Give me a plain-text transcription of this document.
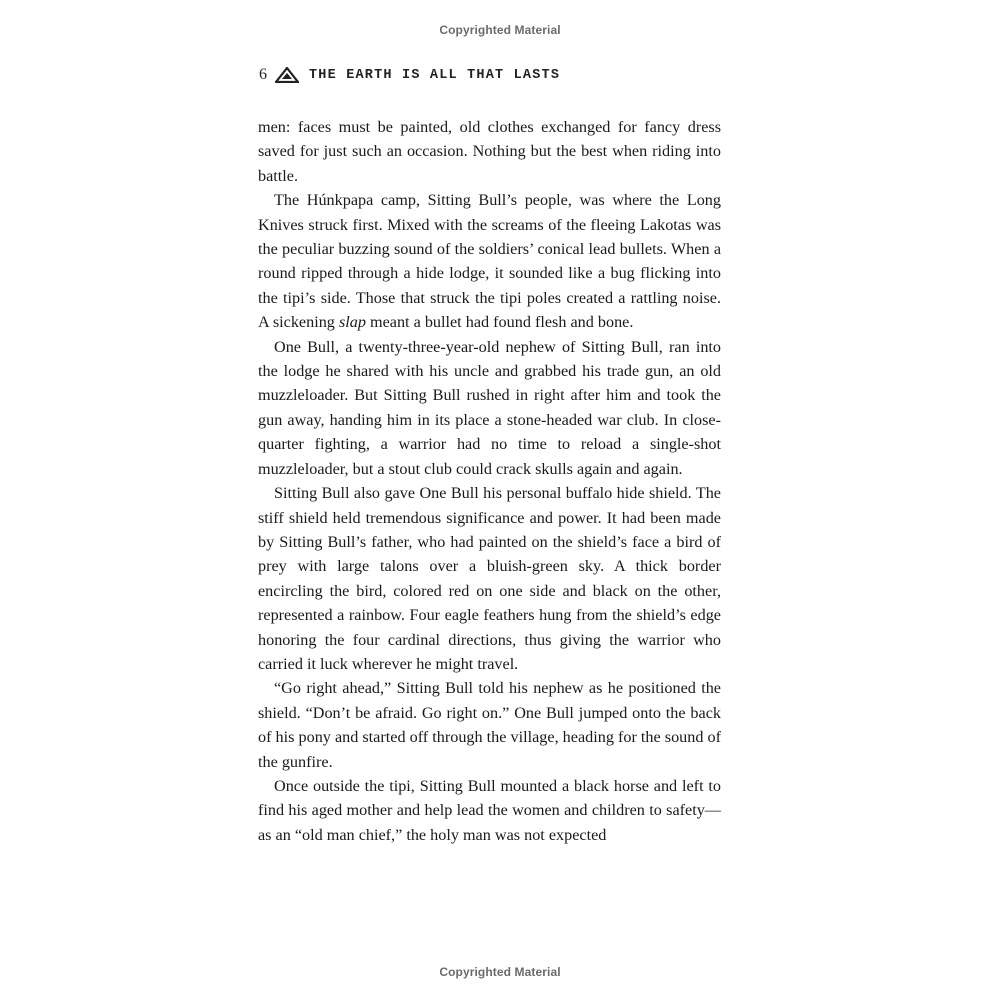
Copyrighted Material
6	THE EARTH IS ALL THAT LASTS

men: faces must be painted, old clothes exchanged for fancy dress saved for just such an occasion. Nothing but the best when riding into battle.

The Húnkpapa camp, Sitting Bull’s people, was where the Long Knives struck first. Mixed with the screams of the fleeing Lakotas was the peculiar buzzing sound of the soldiers’ conical lead bullets. When a round ripped through a hide lodge, it sounded like a bug flicking into the tipi’s side. Those that struck the tipi poles created a rattling noise. A sickening slap meant a bullet had found flesh and bone.

One Bull, a twenty-three-year-old nephew of Sitting Bull, ran into the lodge he shared with his uncle and grabbed his trade gun, an old muzzleloader. But Sitting Bull rushed in right after him and took the gun away, handing him in its place a stone-headed war club. In close-quarter fighting, a warrior had no time to reload a single-shot muzzleloader, but a stout club could crack skulls again and again.

Sitting Bull also gave One Bull his personal buffalo hide shield. The stiff shield held tremendous significance and power. It had been made by Sitting Bull’s father, who had painted on the shield’s face a bird of prey with large talons over a bluish-green sky. A thick border encircling the bird, colored red on one side and black on the other, represented a rainbow. Four eagle feathers hung from the shield’s edge honoring the four cardinal directions, thus giving the warrior who carried it luck wherever he might travel.

“Go right ahead,” Sitting Bull told his nephew as he positioned the shield. “Don’t be afraid. Go right on.” One Bull jumped onto the back of his pony and started off through the village, heading for the sound of the gunfire.

Once outside the tipi, Sitting Bull mounted a black horse and left to find his aged mother and help lead the women and children to safety—as an “old man chief,” the holy man was not expected

Copyrighted Material
